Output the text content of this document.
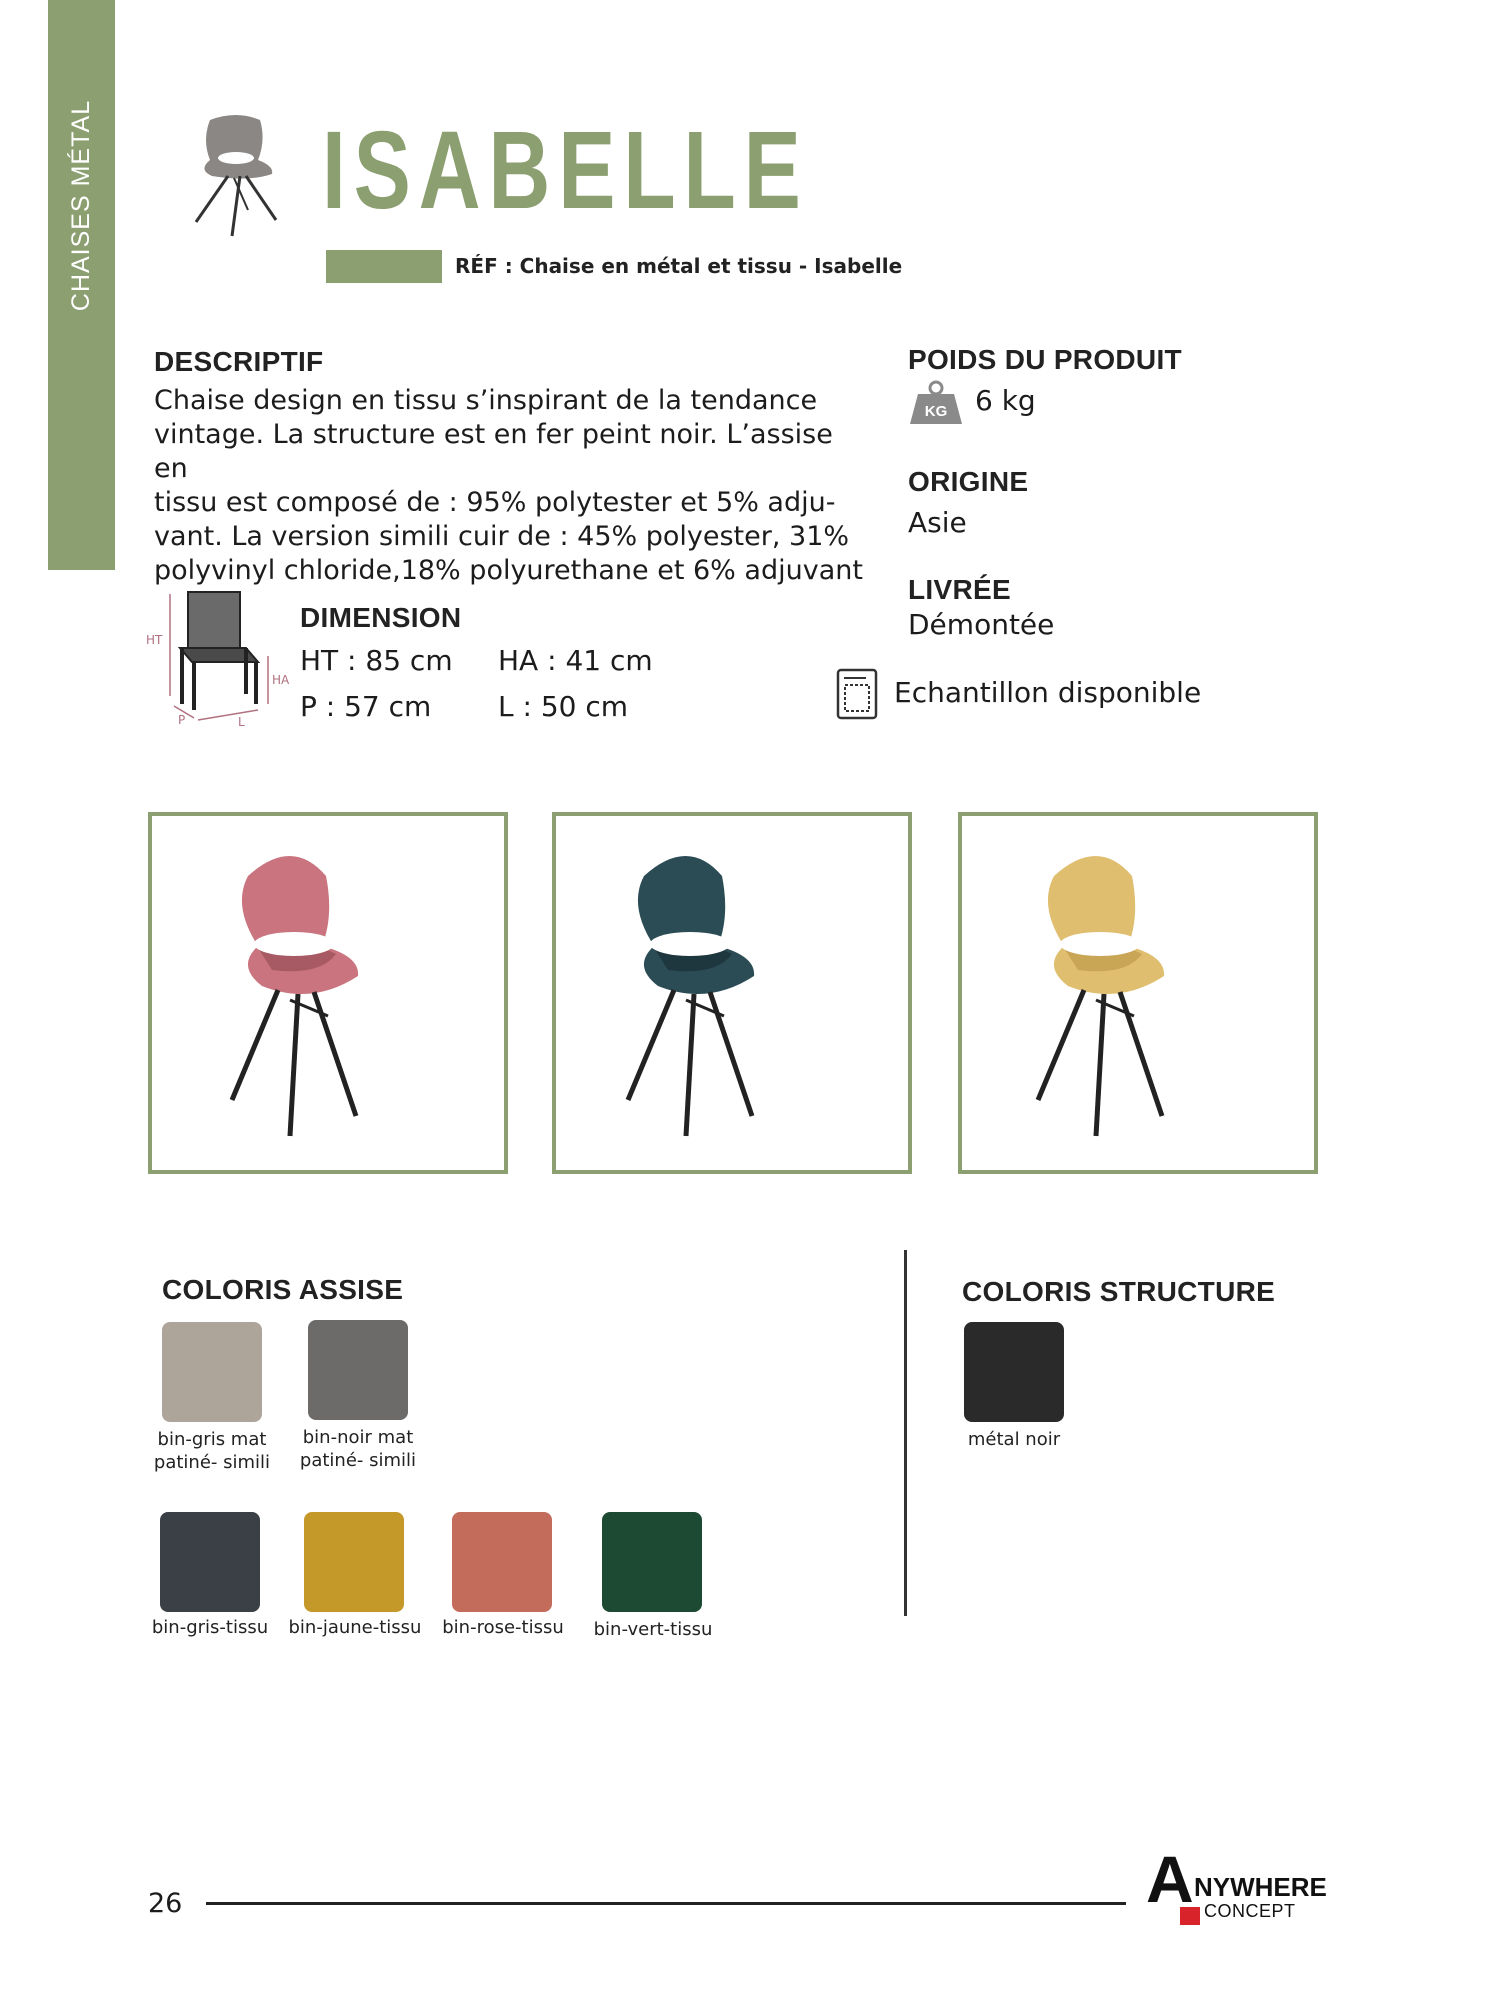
CHAISES MÉTAL ISABELLE
RÉF : Chaise en métal et tissu - Isabelle
DESCRIPTIF
Chaise design en tissu s’inspirant de la tendance
vintage. La structure est en fer peint noir. L’assise en
tissu est composé de : 95% polytester et 5% adju-
vant. La version simili cuir de : 45% polyester, 31%
polyvinyl chloride,18% polyurethane et 6% adjuvant
POIDS DU PRODUIT
KG 6 kg
ORIGINE
Asie
LIVRÉE
Démontée
Echantillon disponible
HT
HA
P	L
DIMENSION
HT : 85 cm HA : 41 cm
P : 57 cm L : 50 cm
COLORIS ASSISE
bin-gris mat
patiné- simili
bin-noir mat
patiné- simili
bin-gris-tissu	bin-jaune-tissu	bin-rose-tissu	bin-vert-tissu
COLORIS STRUCTURE
métal noir
26	A NYWHERE
CONCEPT
